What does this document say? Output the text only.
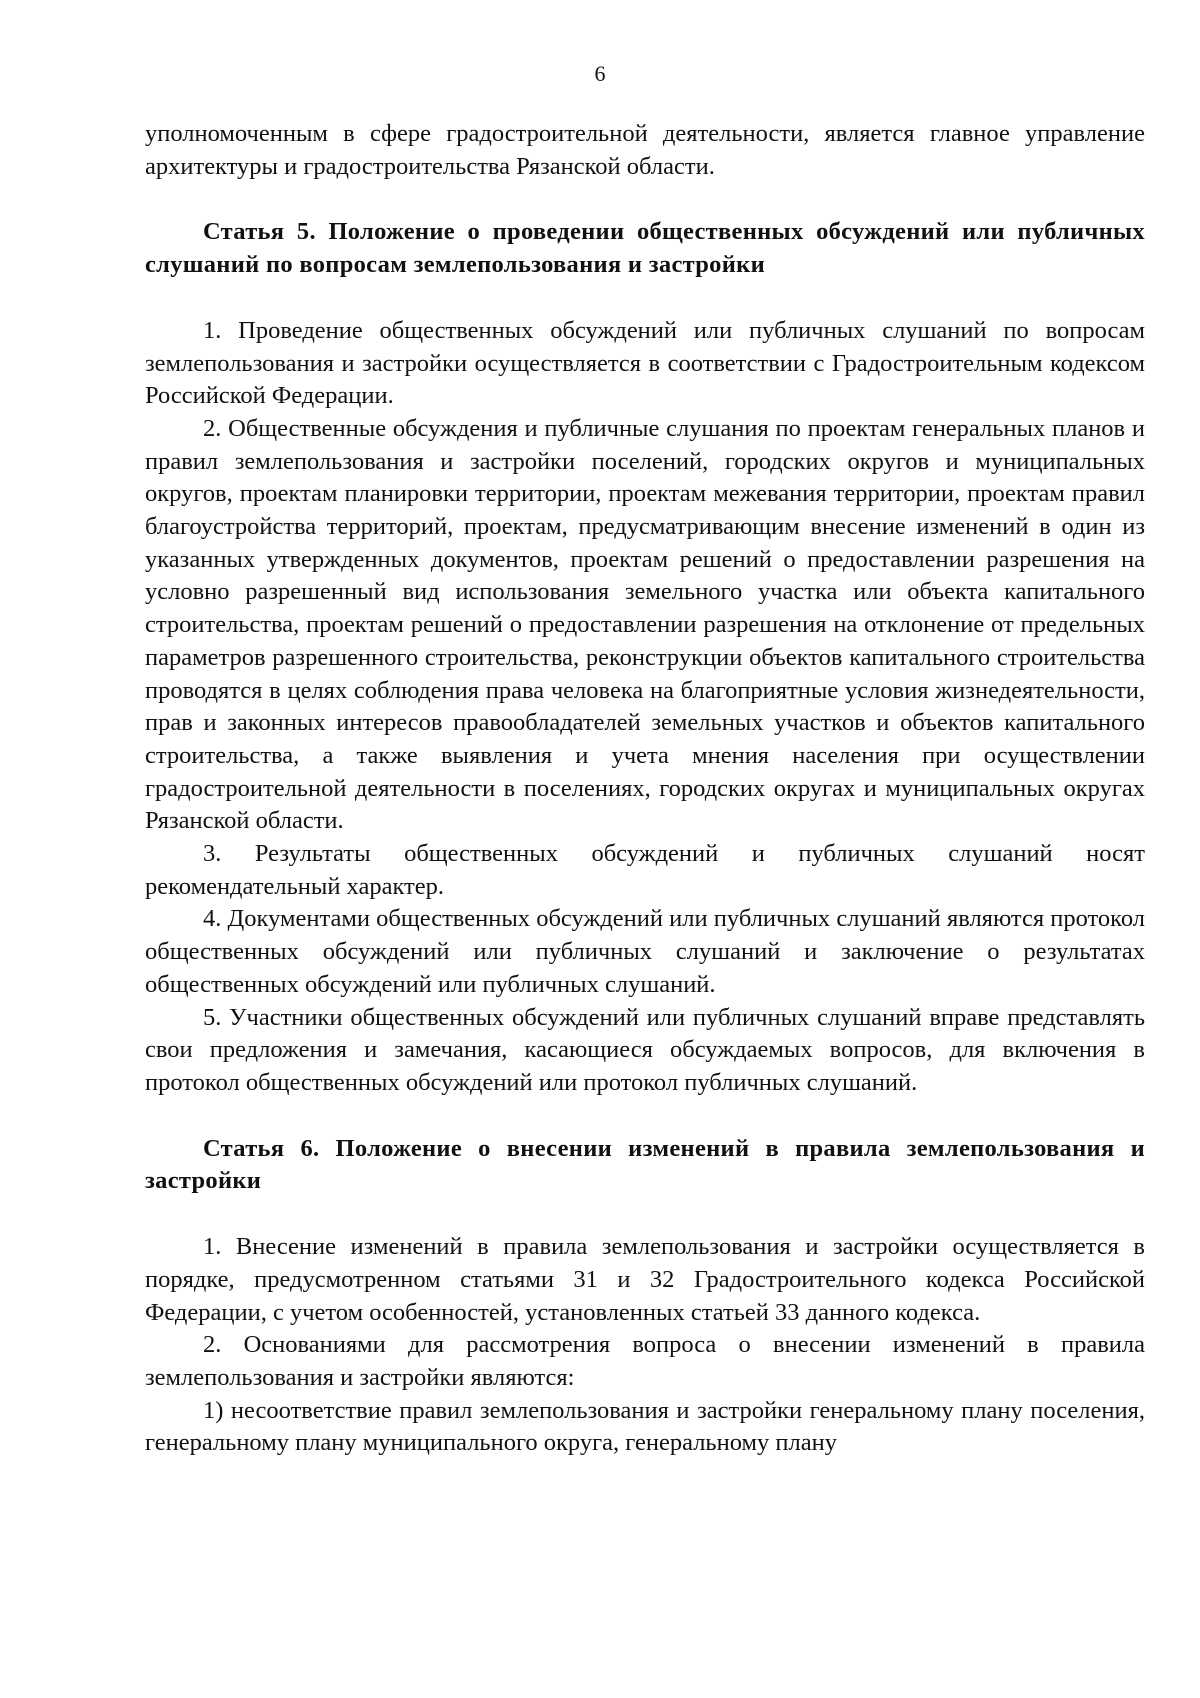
6

уполномоченным в сфере градостроительной деятельности, является главное управление архитектуры и градостроительства Рязанской области.

Статья 5. Положение о проведении общественных обсуждений или публичных слушаний по вопросам землепользования и застройки

1. Проведение общественных обсуждений или публичных слушаний по вопросам землепользования и застройки осуществляется в соответствии с Градостроительным кодексом Российской Федерации.

2. Общественные обсуждения и публичные слушания по проектам генеральных планов и правил землепользования и застройки поселений, городских округов и муниципальных округов, проектам планировки территории, проектам межевания территории, проектам правил благоустройства территорий, проектам, предусматривающим внесение изменений в один из указанных утвержденных документов, проектам решений о предоставлении разрешения на условно разрешенный вид использования земельного участка или объекта капитального строительства, проектам решений о предоставлении разрешения на отклонение от предельных параметров разрешенного строительства, реконструкции объектов капитального строительства проводятся в целях соблюдения права человека на благоприятные условия жизнедеятельности, прав и законных интересов правообладателей земельных участков и объектов капитального строительства, а также выявления и учета мнения населения при осуществлении градостроительной деятельности в поселениях, городских округах и муниципальных округах Рязанской области.

3. Результаты общественных обсуждений и публичных слушаний носят рекомендательный характер.

4. Документами общественных обсуждений или публичных слушаний являются протокол общественных обсуждений или публичных слушаний и заключение о результатах общественных обсуждений или публичных слушаний.

5. Участники общественных обсуждений или публичных слушаний вправе представлять свои предложения и замечания, касающиеся обсуждаемых вопросов, для включения в протокол общественных обсуждений или протокол публичных слушаний.

Статья 6. Положение о внесении изменений в правила землепользования и застройки

1. Внесение изменений в правила землепользования и застройки осуществляется в порядке, предусмотренном статьями 31 и 32 Градостроительного кодекса Российской Федерации, с учетом особенностей, установленных статьей 33 данного кодекса.

2. Основаниями для рассмотрения вопроса о внесении изменений в правила землепользования и застройки являются:

1) несоответствие правил землепользования и застройки генеральному плану поселения, генеральному плану муниципального округа, генеральному плану
